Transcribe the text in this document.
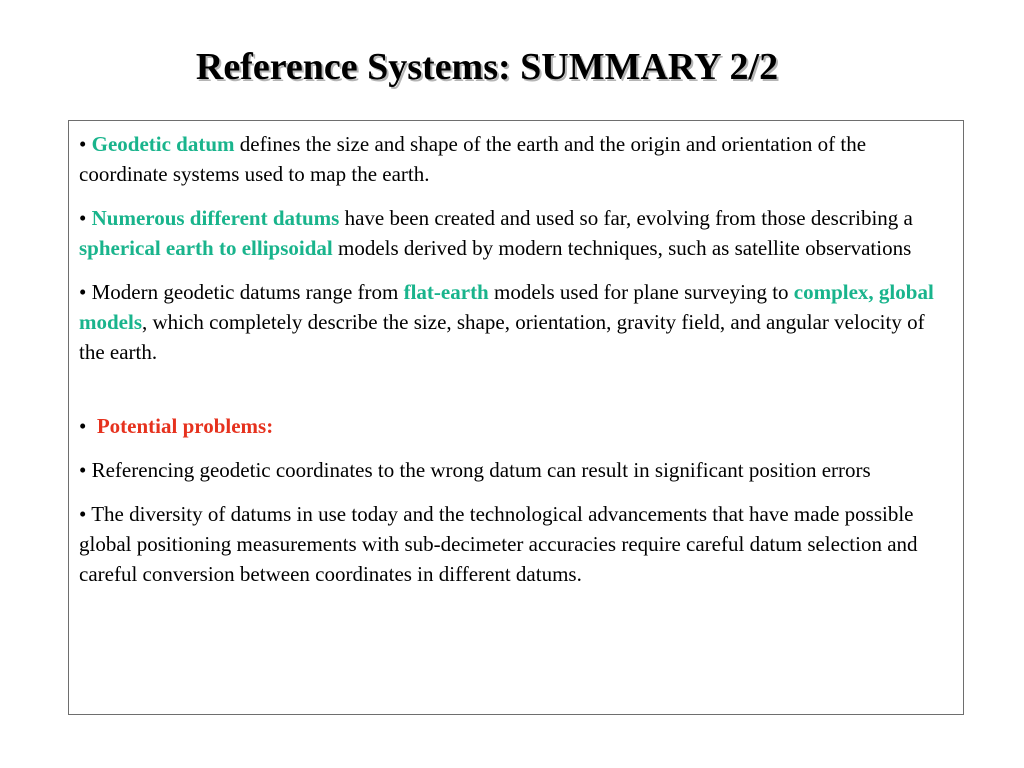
Reference Systems: SUMMARY 2/2

• Geodetic datum defines the size and shape of the earth and the origin and orientation of the coordinate systems used to map the earth.

• Numerous different datums have been created and used so far, evolving from those describing a spherical earth to ellipsoidal models derived by modern techniques, such as satellite observations

• Modern geodetic datums range from flat-earth models used for plane surveying to complex, global models, which completely describe the size, shape, orientation, gravity field, and angular velocity of the earth.

• Potential problems:

• Referencing geodetic coordinates to the wrong datum can result in significant position errors

• The diversity of datums in use today and the technological advancements that have made possible global positioning measurements with sub-decimeter accuracies require careful datum selection and careful conversion between coordinates in different datums.
